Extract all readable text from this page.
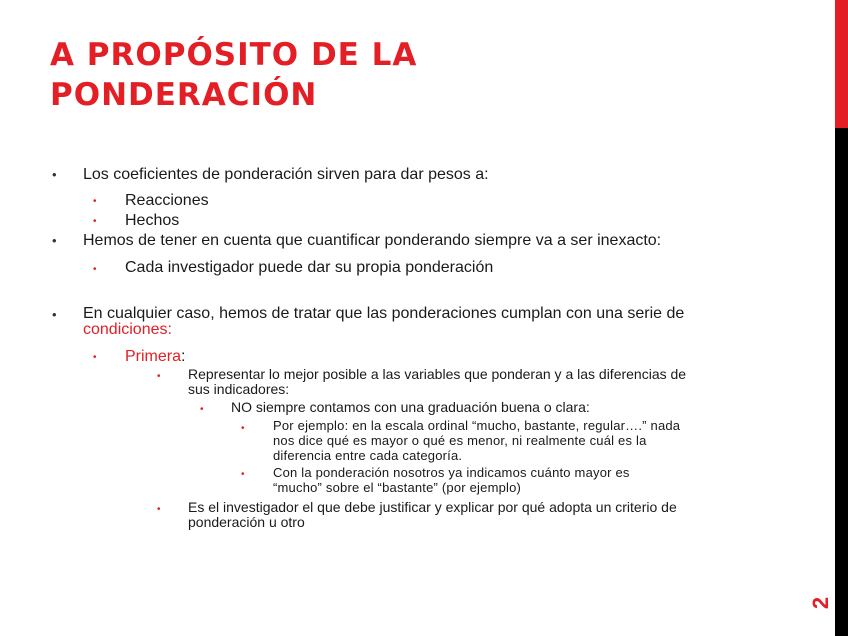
2
A PROPÓSITO DE LA
PONDERACIÓN
• Los coeficientes de ponderación sirven para dar pesos a:
• Reacciones
• Hechos
• Hemos de tener en cuenta que cuantificar ponderando siempre va a ser inexacto:
• Cada investigador puede dar su propia ponderación
• En cualquier caso, hemos de tratar que las ponderaciones cumplan con una serie de
condiciones:
• Primera:
• Representar lo mejor posible a las variables que ponderan y a las diferencias de
sus indicadores:
• NO siempre contamos con una graduación buena o clara:
• Por ejemplo: en la escala ordinal “mucho, bastante, regular….” nada
nos dice qué es mayor o qué es menor, ni realmente cuál es la
diferencia entre cada categoría.
• Con la ponderación nosotros ya indicamos cuánto mayor es
“mucho” sobre el “bastante” (por ejemplo)
• Es el investigador el que debe justificar y explicar por qué adopta un criterio de
ponderación u otro
